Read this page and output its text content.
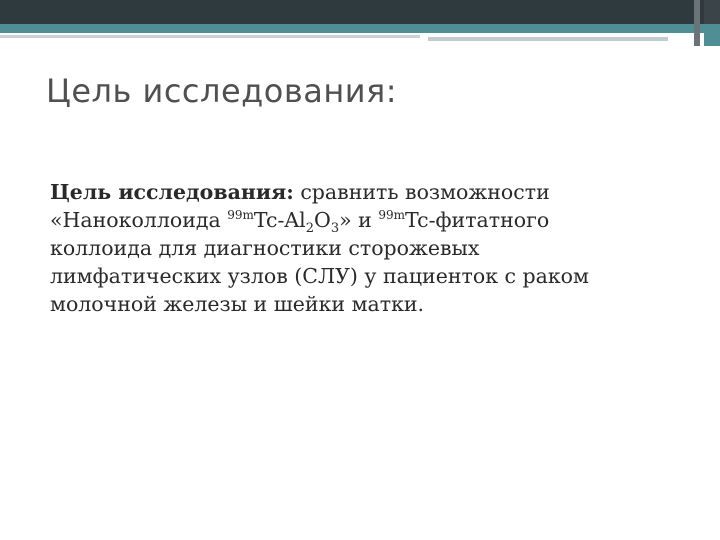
Цель исследования:
Цель исследования: сравнить возможности
«Наноколлоида $^{99m}Tc-Al_2O_3$» и $^{99m}$Tc-фитатного
коллоида для диагностики сторожевых
лимфатических узлов (СЛУ) у пациенток с раком
молочной железы и шейки матки.
